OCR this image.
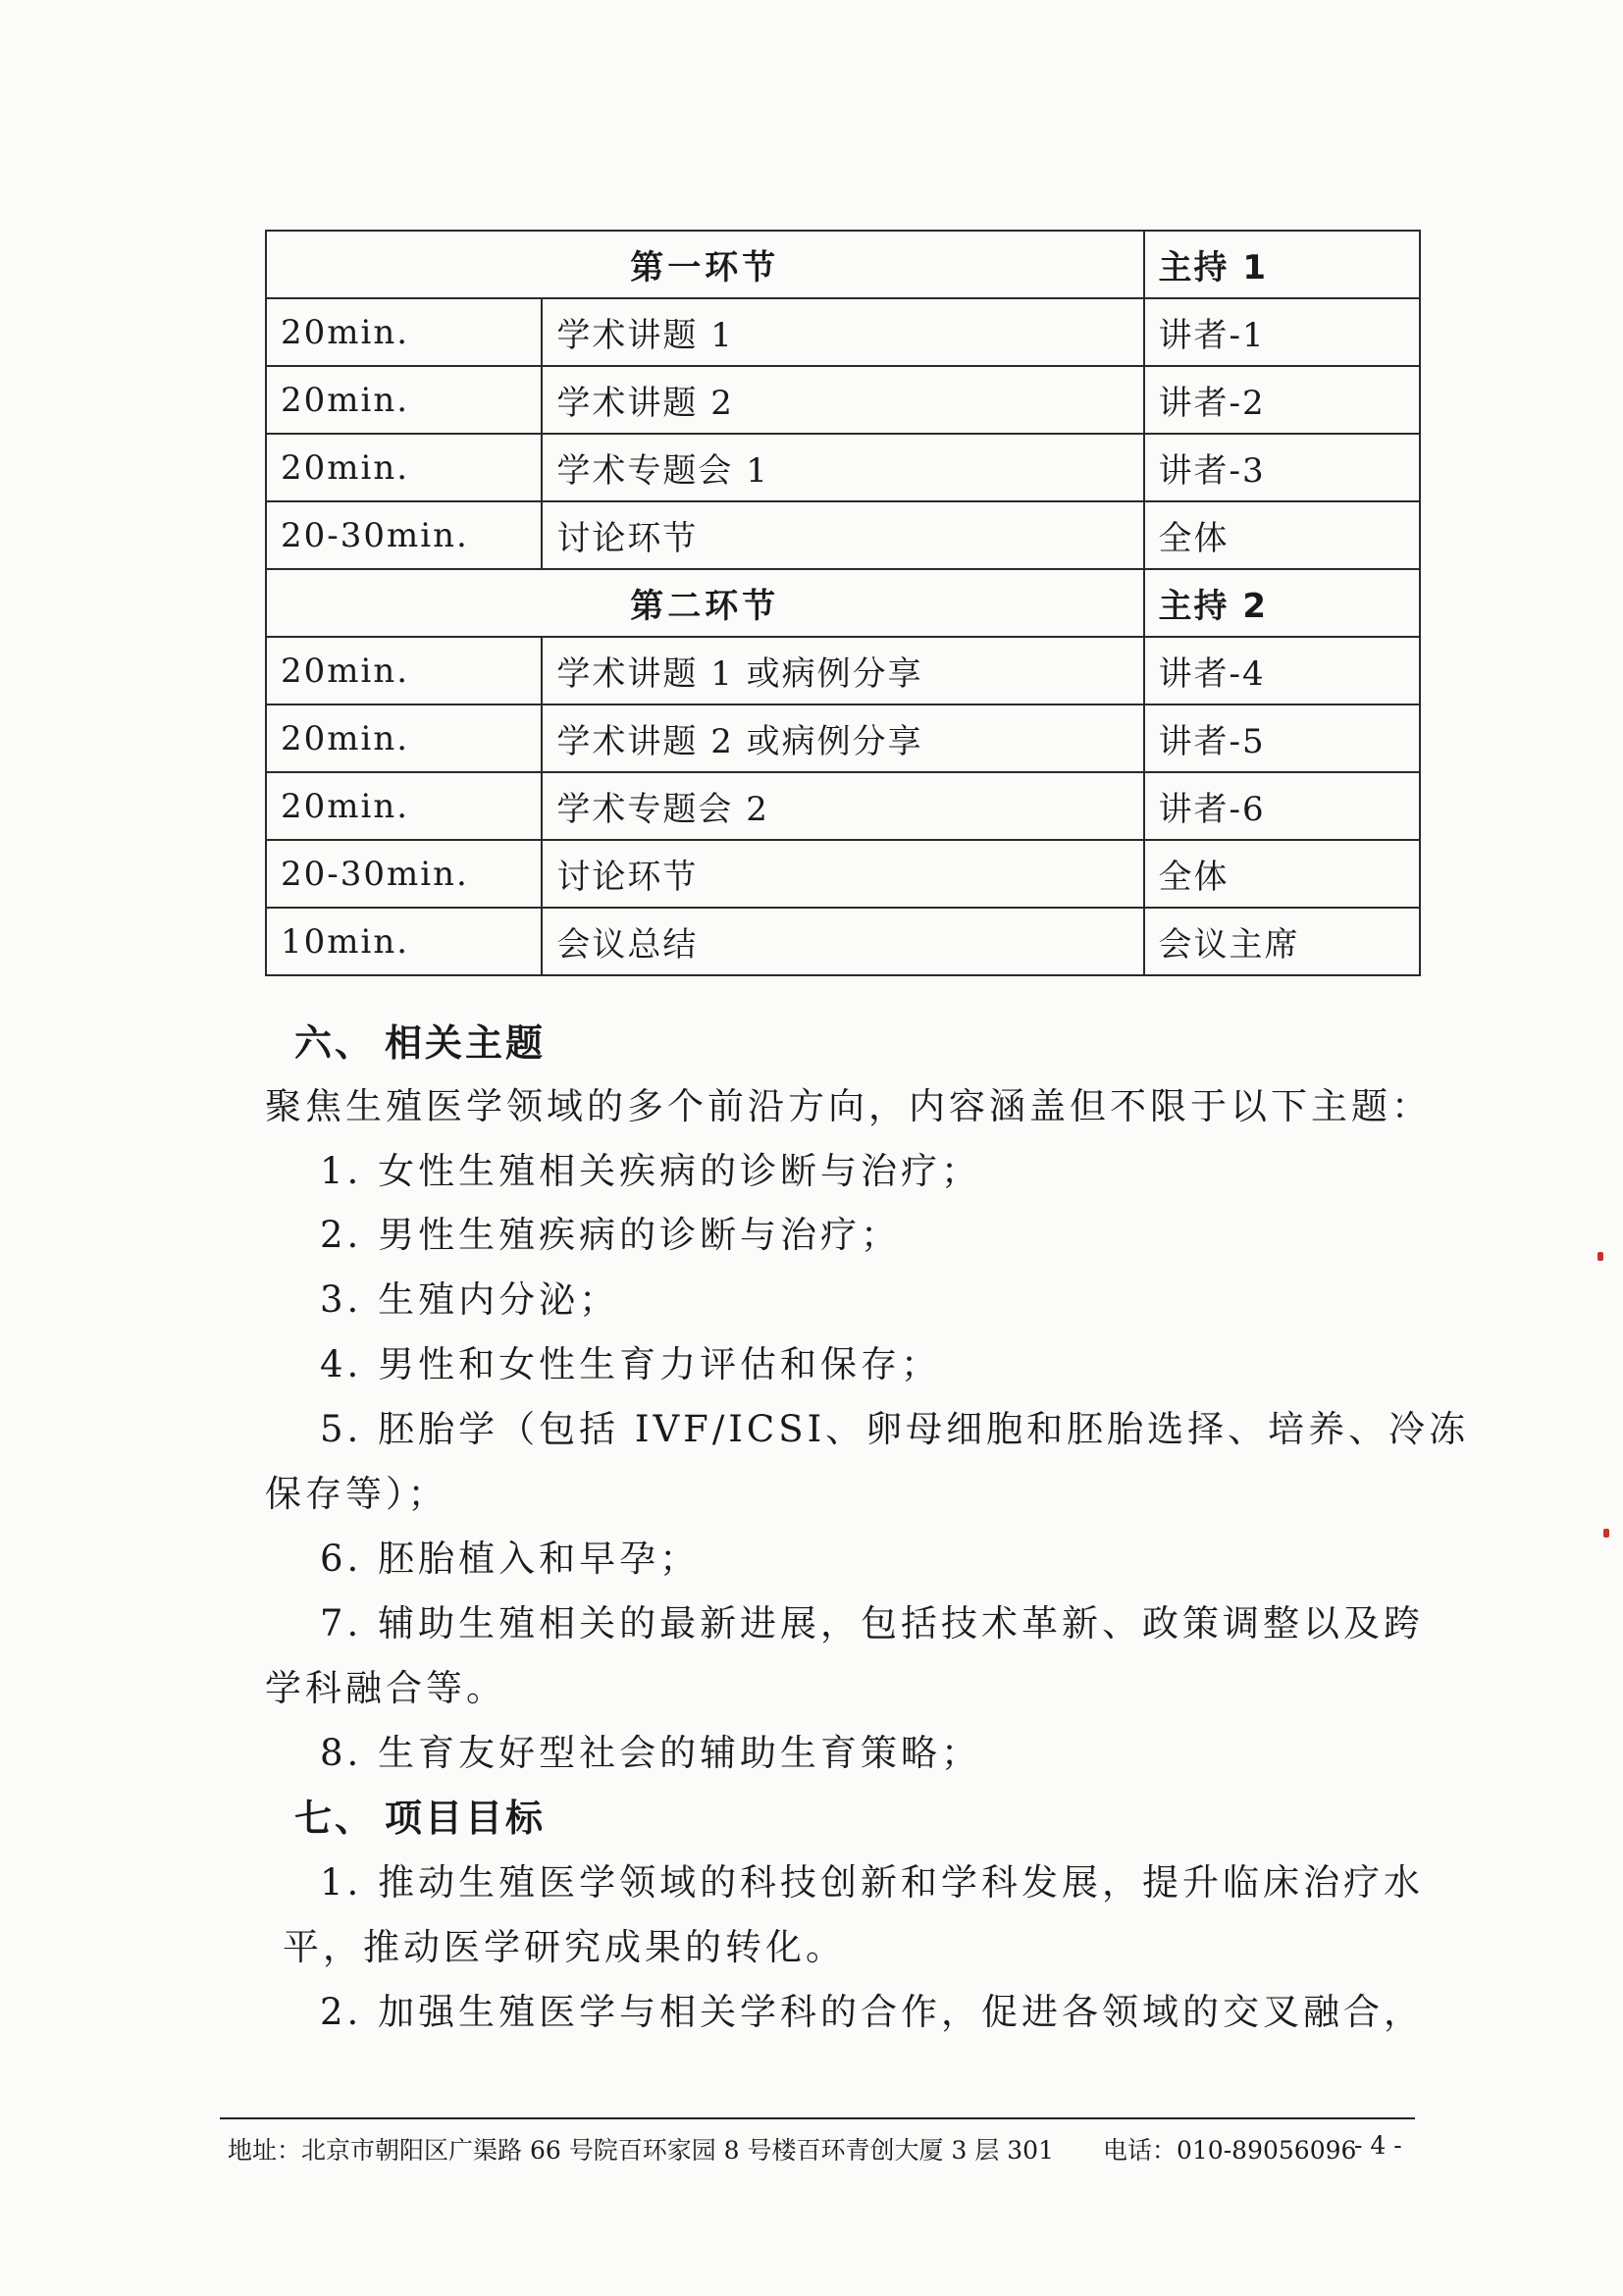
第一环节		主持 1
20min.	学术讲题 1	讲者-1
20min.	学术讲题 2	讲者-2
20min.	学术专题会 1	讲者-3
20-30min.	讨论环节	全体
第二环节		主持 2
20min.	学术讲题 1 或病例分享	讲者-4
20min.	学术讲题 2 或病例分享	讲者-5
20min.	学术专题会 2	讲者-6
20-30min.	讨论环节	全体
10min.	会议总结	会议主席
六、 相关主题
聚焦生殖医学领域的多个前沿方向，内容涵盖但不限于以下主题：
1. 女性生殖相关疾病的诊断与治疗；
2. 男性生殖疾病的诊断与治疗；
3. 生殖内分泌；
4. 男性和女性生育力评估和保存；
5. 胚胎学（包括 IVF/ICSI、卵母细胞和胚胎选择、培养、冷冻
保存等）；
6. 胚胎植入和早孕；
7. 辅助生殖相关的最新进展，包括技术革新、政策调整以及跨
学科融合等。
8. 生育友好型社会的辅助生育策略；
七、 项目目标
1. 推动生殖医学领域的科技创新和学科发展，提升临床治疗水
平，推动医学研究成果的转化。
2. 加强生殖医学与相关学科的合作，促进各领域的交叉融合，
地址：北京市朝阳区广渠路 66 号院百环家园 8 号楼百环青创大厦 3 层 301 电话：010-89056096
- 4 -
